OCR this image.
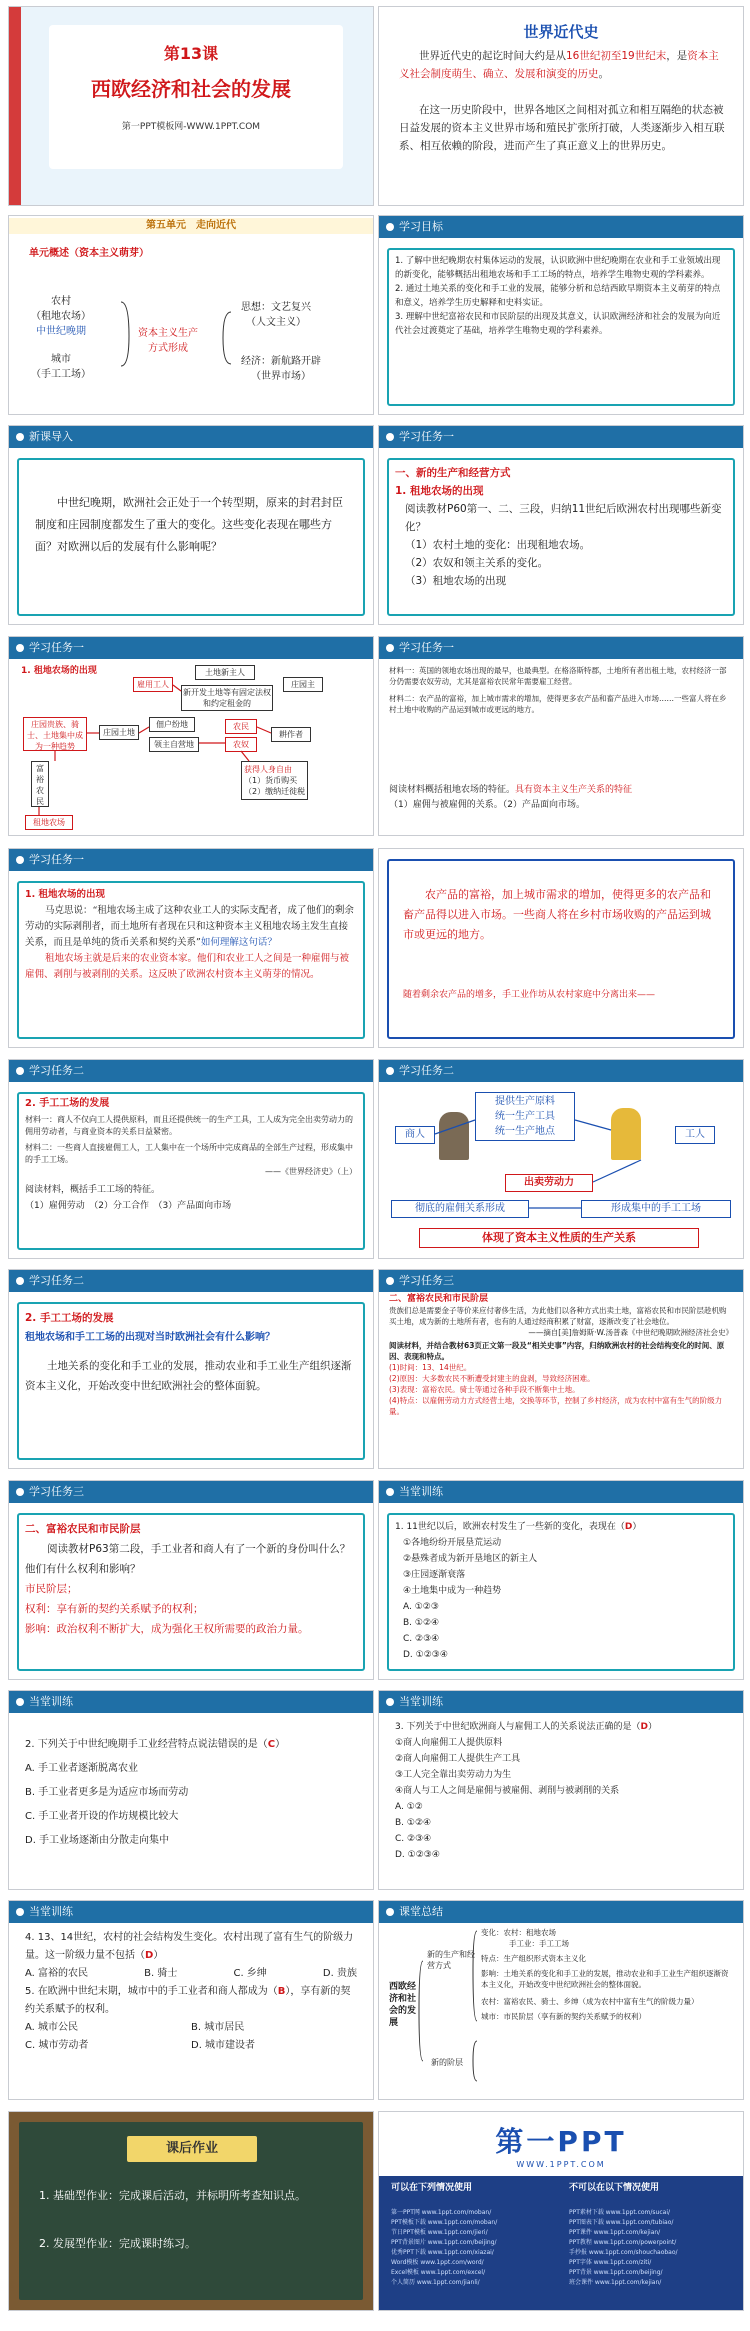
第13课
西欧经济和社会的发展
第一PPT模板网-WWW.1PPT.COM
世界近代史
世界近代史的起讫时间大约是从16世纪初至19世纪末，是资本主义社会制度萌生、确立、发展和演变的历史。
在这一历史阶段中，世界各地区之间相对孤立和相互隔绝的状态被日益发展的资本主义世界市场和殖民扩张所打破，人类逐渐步入相互联系、相互依赖的阶段，进而产生了真正意义上的世界历史。
第五单元　走向近代
单元概述（资本主义萌芽）
农村
（租地农场）
中世纪晚期
城市
（手工工场）
资本主义生产方式形成
思想：文艺复兴
（人文主义）
经济：新航路开辟
（世界市场）
学习目标
1. 了解中世纪晚期农村集体运动的发展，认识欧洲中世纪晚期在农业和手工业领域出现的新变化，能够概括出租地农场和手工工场的特点，培养学生唯物史观的学科素养。
2. 通过土地关系的变化和手工业的发展，能够分析和总结西欧早期资本主义萌芽的特点和意义，培养学生历史解释和史料实证。
3. 理解中世纪富裕农民和市民阶层的出现及其意义，认识欧洲经济和社会的发展为向近代社会过渡奠定了基础，培养学生唯物史观的学科素养。
新课导入
中世纪晚期，欧洲社会正处于一个转型期，原来的封君封臣制度和庄园制度都发生了重大的变化。这些变化表现在哪些方面？对欧洲以后的发展有什么影响呢？
学习任务一
一、新的生产和经营方式
1. 租地农场的出现
阅读教材P60第一、二、三段，归纳11世纪后欧洲农村出现哪些新变化？
（1）农村土地的变化：出现租地农场。
（2）农奴和领主关系的变化。
（3）租地农场的出现
学习任务一
1. 租地农场的出现	土地新主人
新开发土地等有固定法权和约定租金的
雇用工人	庄园主
庄园贵族、骑士、土地集中成为一种趋势
庄园土地
佃户纷地
领主自营地
农民
农奴
耕作者
富裕农民
租地农场
获得人身自由
（1）货币购买
（2）缴纳迁徙税
学习任务一
材料一：英国的领地农场出现的最早，也最典型。在格洛斯特郡，土地所有者出租土地，农村经济一部分仍需要农奴劳动，尤其是富裕农民常年需要雇工经营。
材料二：农产品的富裕，加上城市需求的增加，使得更多农产品和畜产品进入市场……一些富人将在乡村土地中收购的产品运到城市或更远的地方。
阅读材料概括租地农场的特征。具有资本主义生产关系的特征
（1）雇佣与被雇佣的关系。（2）产品面向市场。
学习任务一
1. 租地农场的出现
马克思说：“租地农场主成了这种农业工人的实际支配者，成了他们的剩余劳动的实际剥削者，而土地所有者现在只和这种资本主义租地农场主发生直接关系，而且是单纯的货币关系和契约关系”如何理解这句话？
租地农场主就是后来的农业资本家。他们和农业工人之间是一种雇佣与被雇佣、剥削与被剥削的关系。这反映了欧洲农村资本主义萌芽的情况。
农产品的富裕，加上城市需求的增加，使得更多的农产品和畜产品得以进入市场。一些商人将在乡村市场收购的产品运到城市或更远的地方。
随着剩余农产品的增多，手工业作坊从农村家庭中分离出来——
学习任务二
2. 手工工场的发展
材料一：商人不仅向工人提供原料，而且还提供统一的生产工具，工人成为完全出卖劳动力的佣用劳动者，与商业资本的关系日益紧密。
材料二：一些商人直接雇佣工人，工人集中在一个场所中完成商品的全部生产过程，形成集中的手工工场。
——《世界经济史》（上）
阅读材料，概括手工工场的特征。
（1）雇佣劳动　（2）分工合作　（3）产品面向市场
学习任务二
提供生产原料
统一生产工具
统一生产地点
商人	工人
出卖劳动力
彻底的雇佣关系形成	形成集中的手工工场
体现了资本主义性质的生产关系
学习任务二
2. 手工工场的发展
租地农场和手工工场的出现对当时欧洲社会有什么影响？
土地关系的变化和手工业的发展，推动农业和手工业生产组织逐渐资本主义化，开始改变中世纪欧洲社会的整体面貌。
学习任务三
二、富裕农民和市民阶层
贵族们总是需要金子等价来应付奢侈生活，为此他们以各种方式出卖土地，富裕农民和市民阶层趁机购买土地，成为新的土地所有者，也有的人通过经商积累了财富，逐渐改变了社会地位。
——摘自[美]詹姆斯·W.汤普森《中世纪晚期欧洲经济社会史》
阅读材料，并结合教材63页正文第一段及“相关史事”内容，归纳欧洲农村的社会结构变化的时间、原因、表现和特点。
(1)时间：13、14世纪。
(2)原因：大多数农民不断遭受封建主的盘剥，导致经济困难。
(3)表现：富裕农民。骑士等通过各种手段不断集中土地。
(4)特点：以雇佣劳动力方式经营土地，交换等环节，控制了乡村经济，成为农村中富有生气的阶级力量。
学习任务三
二、富裕农民和市民阶层
阅读教材P63第二段，手工业者和商人有了一个新的身份叫什么？他们有什么权利和影响？
市民阶层；
权利：享有新的契约关系赋予的权利；
影响：政治权利不断扩大，成为强化王权所需要的政治力量。
当堂训练
1. 11世纪以后，欧洲农村发生了一些新的变化，表现在（D）
①各地纷纷开展垦荒运动
②悬殊者成为新开垦地区的新主人
③庄园逐渐衰落
④土地集中成为一种趋势
A. ①②③
B. ①②④
C. ②③④
D. ①②③④
当堂训练
2. 下列关于中世纪晚期手工业经营特点说法错误的是（C）
A. 手工业者逐渐脱离农业
B. 手工业者更多是为适应市场而劳动
C. 手工业者开设的作坊规模比较大
D. 手工业场逐渐由分散走向集中
当堂训练
3. 下列关于中世纪欧洲商人与雇佣工人的关系说法正确的是（D）
①商人向雇佣工人提供原料
②商人向雇佣工人提供生产工具
③工人完全靠出卖劳动力为生
④商人与工人之间是雇佣与被雇佣、剥削与被剥削的关系
A. ①②
B. ①②④
C. ②③④
D. ①②③④
当堂训练
4. 13、14世纪，农村的社会结构发生变化。农村出现了富有生气的阶级力量。这一阶级力量不包括（D）
A. 富裕的农民	B. 骑士	C. 乡绅	D. 贵族
5. 在欧洲中世纪末期，城市中的手工业者和商人都成为（B），享有新的契约关系赋予的权利。
A. 城市公民	B. 城市居民
C. 城市劳动者	D. 城市建设者
课堂总结
西欧经济和社会的发展
新的生产和经营方式
新的阶层
变化：农村：租地农场
手工业：手工工场
特点：生产组织形式资本主义化
影响：土地关系的变化和手工业的发展，推动农业和手工业生产组织逐渐资本主义化，开始改变中世纪欧洲社会的整体面貌。
农村：富裕农民、骑士、乡绅（成为农村中富有生气的阶级力量）
城市：市民阶层（享有新的契约关系赋予的权利）
课后作业
1. 基础型作业：完成课后活动，并标明所考查知识点。
2. 发展型作业：完成课时练习。
第一PPT
WWW.1PPT.COM
可以在下列情况使用	不可以在以下情况使用
第一PPT网 www.1ppt.com/moban/
PPT模板下载 www.1ppt.com/moban/
节日PPT模板 www.1ppt.com/jieri/
PPT背景图片 www.1ppt.com/beijing/
优秀PPT下载 www.1ppt.com/xiazai/
Word模板 www.1ppt.com/word/
Excel模板 www.1ppt.com/excel/
个人简历 www.1ppt.com/jianli/
PPT素材下载 www.1ppt.com/sucai/
PPT图表下载 www.1ppt.com/tubiao/
PPT课件 www.1ppt.com/kejian/
PPT教程 www.1ppt.com/powerpoint/
手抄报 www.1ppt.com/shouchaobao/
PPT字体 www.1ppt.com/ziti/
PPT背景 www.1ppt.com/beijing/
班会课件 www.1ppt.com/kejian/
